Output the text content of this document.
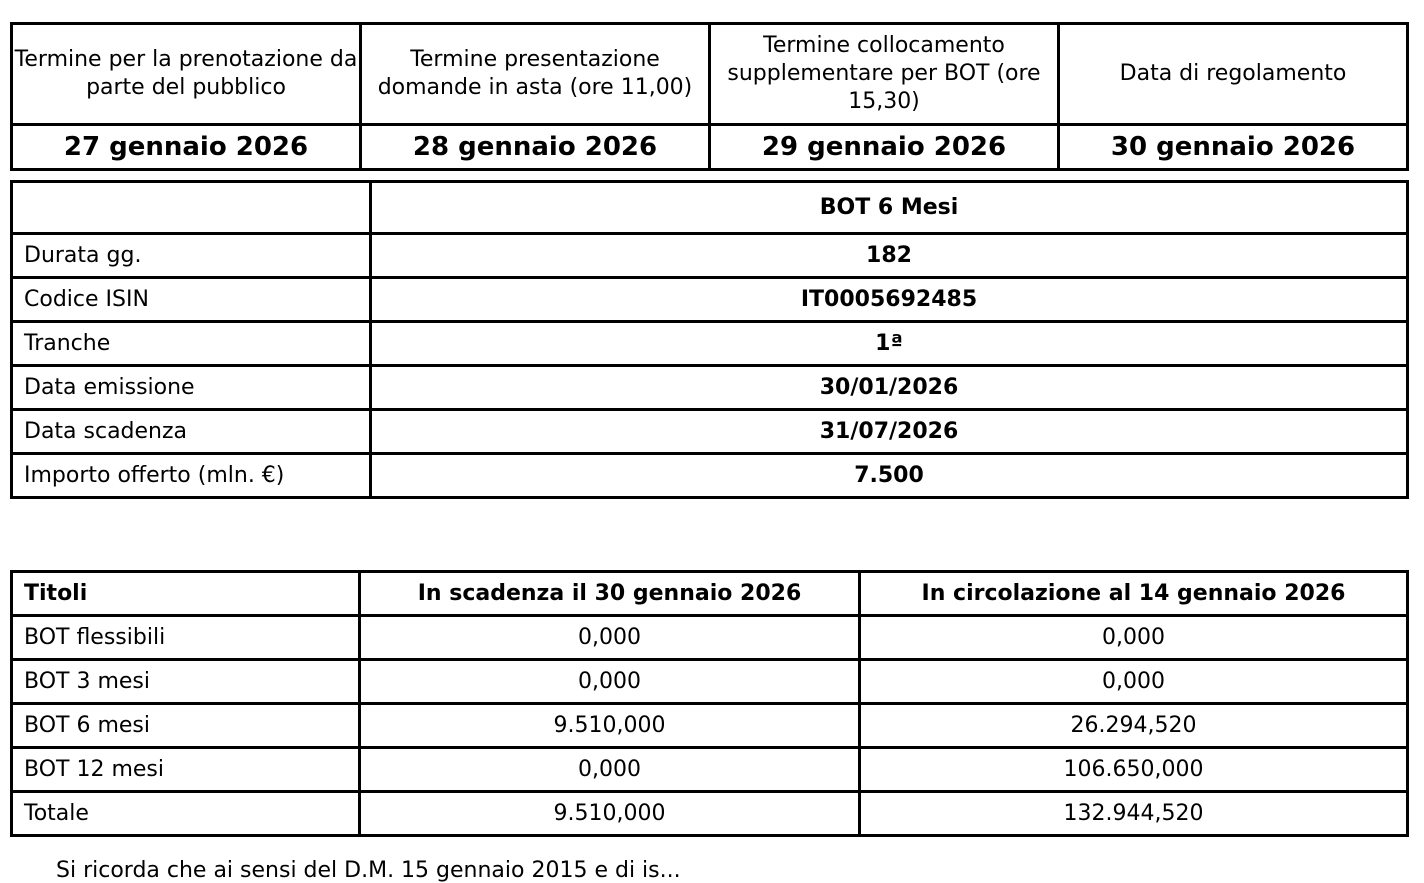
Termine per la prenotazione da parte del pubblico	Termine presentazione domande in asta (ore 11,00)	Termine collocamento supplementare per BOT (ore 15,30)	Data di regolamento
27 gennaio 2026	28 gennaio 2026	29 gennaio 2026	30 gennaio 2026
	BOT 6 Mesi
Durata gg.	182
Codice ISIN	IT0005692485
Tranche	1ª
Data emissione	30/01/2026
Data scadenza	31/07/2026
Importo offerto (mln. €)	7.500
Titoli	In scadenza il 30 gennaio 2026	In circolazione al 14 gennaio 2026
BOT flessibili	0,000	0,000
BOT 3 mesi	0,000	0,000
BOT 6 mesi	9.510,000	26.294,520
BOT 12 mesi	0,000	106.650,000
Totale	9.510,000	132.944,520
Si ricorda che ai sensi del D.M. 15 gennaio 2015 e di is...
